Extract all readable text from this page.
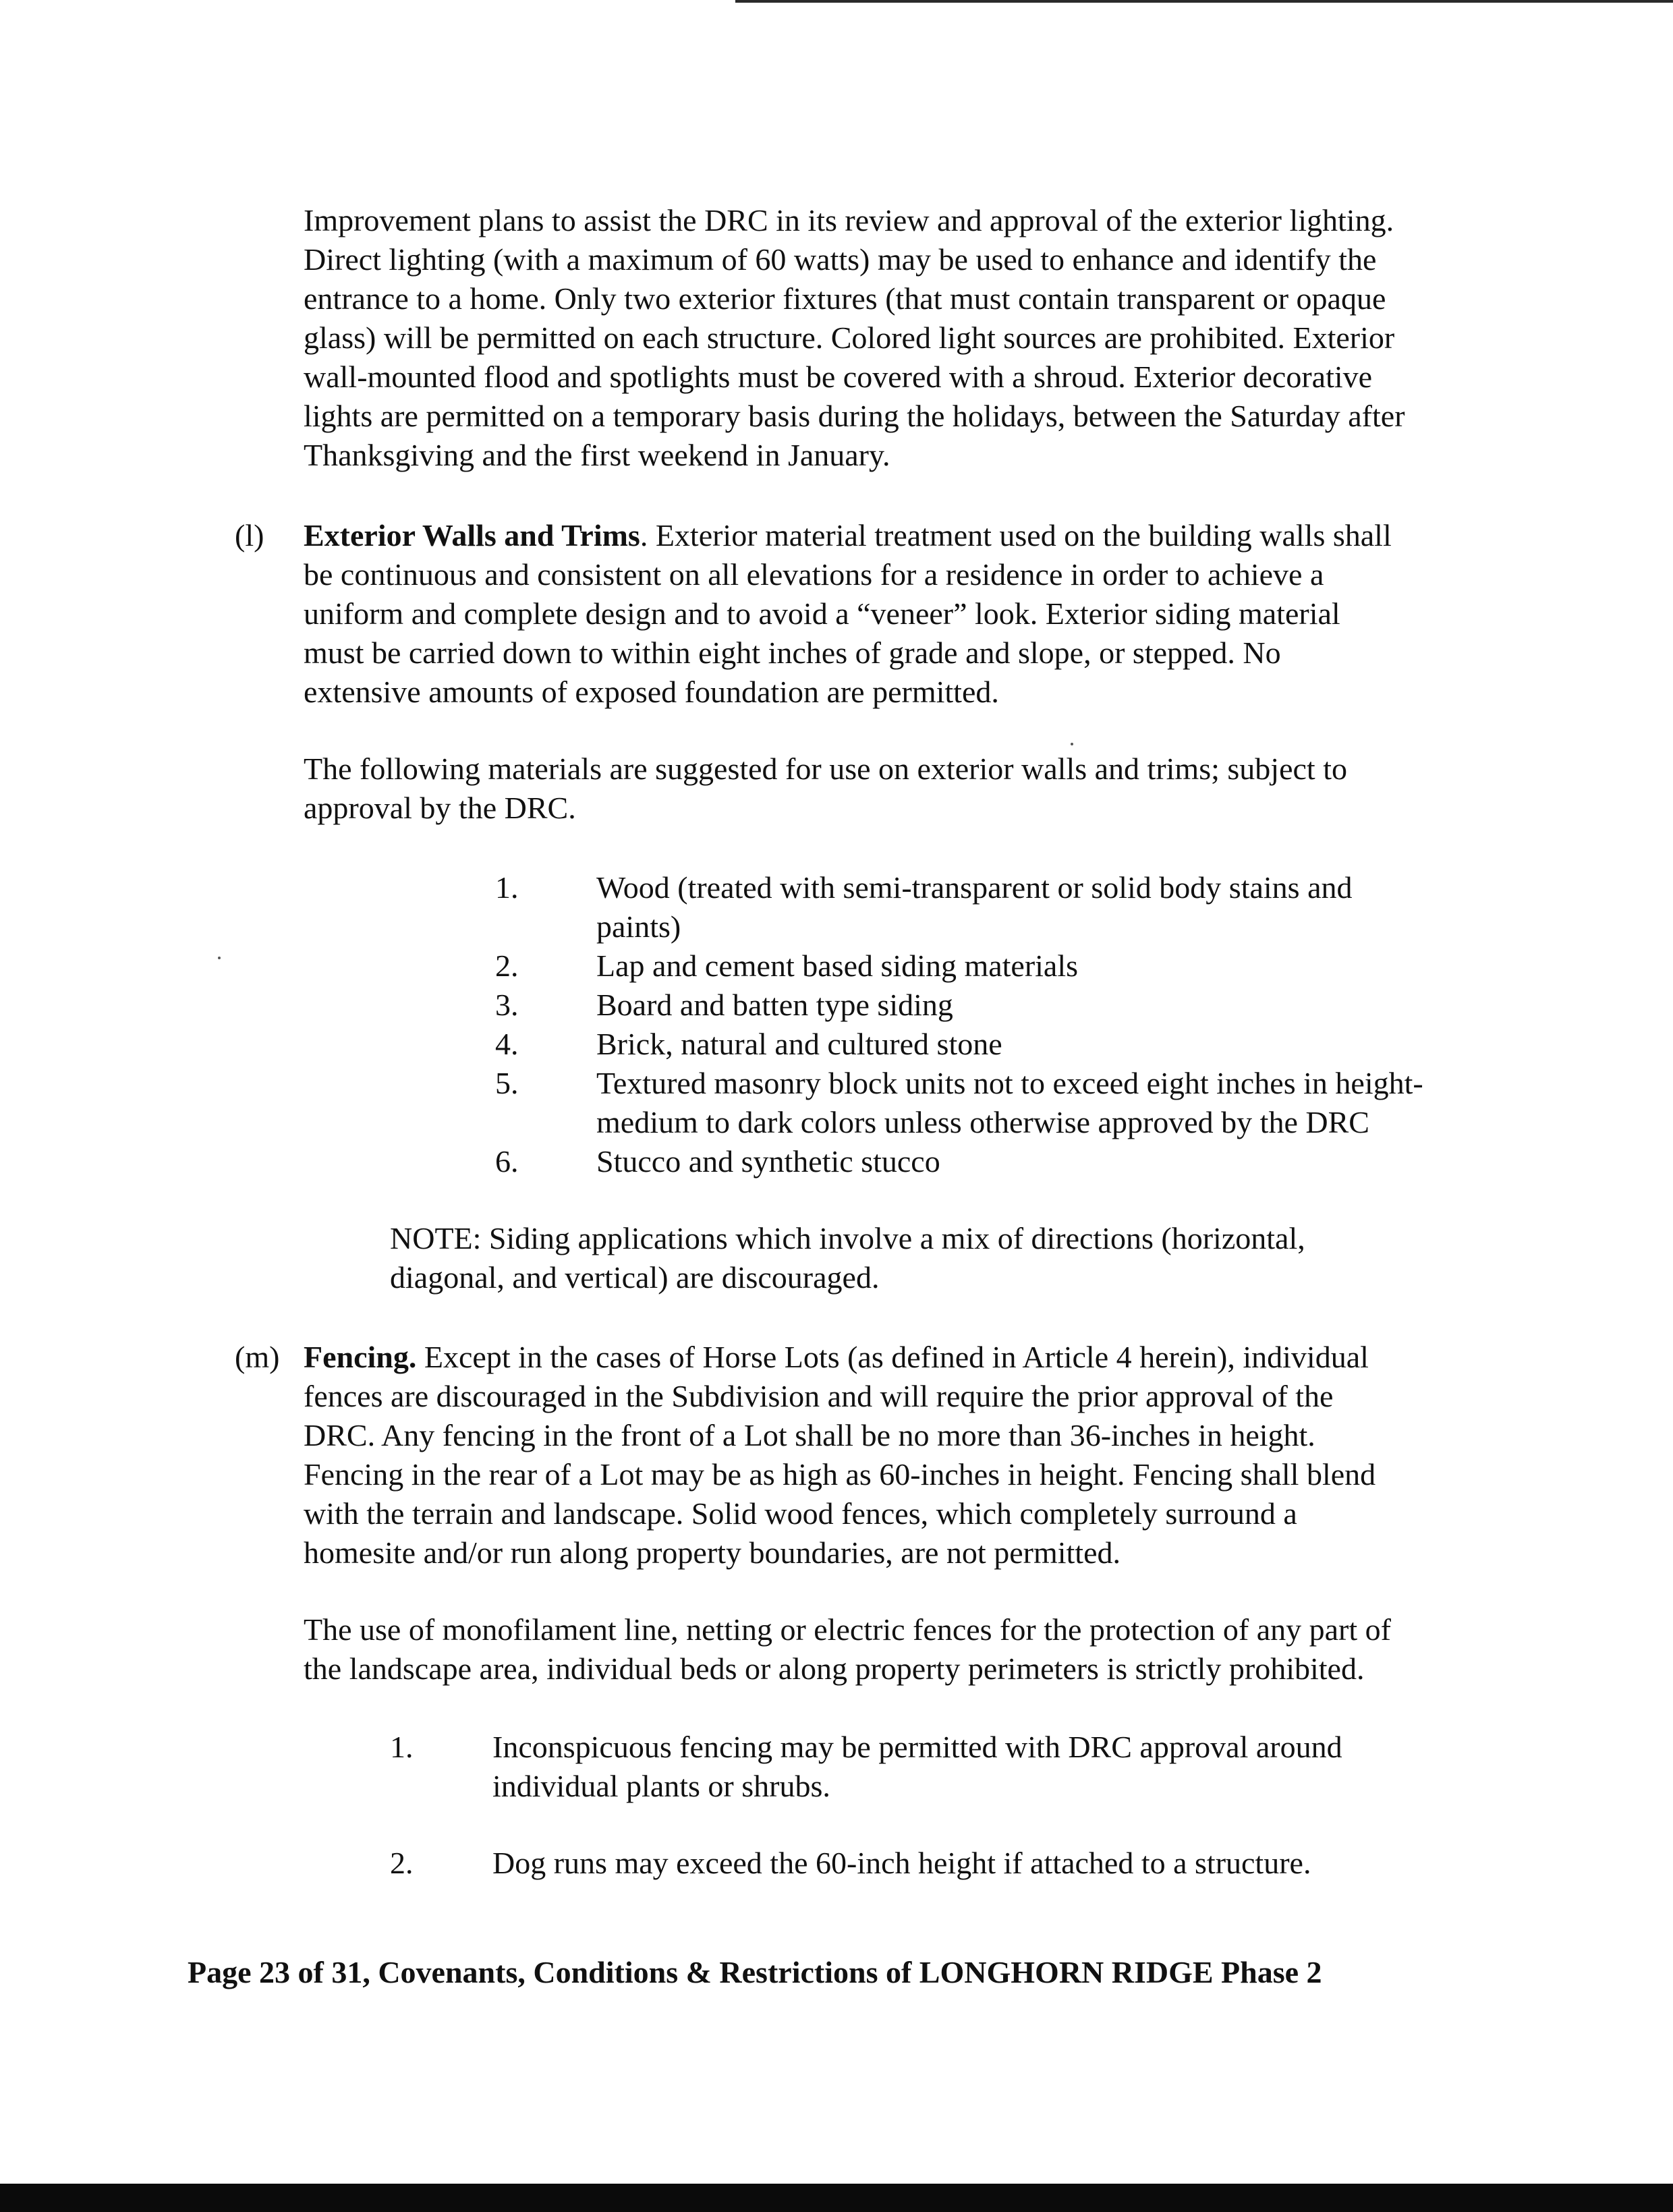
Improvement plans to assist the DRC in its review and approval of the exterior lighting.
Direct lighting (with a maximum of 60 watts) may be used to enhance and identify the
entrance to a home. Only two exterior fixtures (that must contain transparent or opaque
glass) will be permitted on each structure. Colored light sources are prohibited. Exterior
wall-mounted flood and spotlights must be covered with a shroud. Exterior decorative
lights are permitted on a temporary basis during the holidays, between the Saturday after
Thanksgiving and the first weekend in January.
(l) Exterior Walls and Trims. Exterior material treatment used on the building walls shall
be continuous and consistent on all elevations for a residence in order to achieve a
uniform and complete design and to avoid a “veneer” look. Exterior siding material
must be carried down to within eight inches of grade and slope, or stepped. No
extensive amounts of exposed foundation are permitted.
The following materials are suggested for use on exterior walls and trims; subject to
approval by the DRC.
1.	Wood (treated with semi-transparent or solid body stains and
paints)
2.	Lap and cement based siding materials
3.	Board and batten type siding
4.	Brick, natural and cultured stone
5.	Textured masonry block units not to exceed eight inches in height-
medium to dark colors unless otherwise approved by the DRC
6.	Stucco and synthetic stucco
NOTE: Siding applications which involve a mix of directions (horizontal,
diagonal, and vertical) are discouraged.
(m) Fencing. Except in the cases of Horse Lots (as defined in Article 4 herein), individual
fences are discouraged in the Subdivision and will require the prior approval of the
DRC. Any fencing in the front of a Lot shall be no more than 36-inches in height.
Fencing in the rear of a Lot may be as high as 60-inches in height. Fencing shall blend
with the terrain and landscape. Solid wood fences, which completely surround a
homesite and/or run along property boundaries, are not permitted.
The use of monofilament line, netting or electric fences for the protection of any part of
the landscape area, individual beds or along property perimeters is strictly prohibited.
1.	Inconspicuous fencing may be permitted with DRC approval around
individual plants or shrubs.
2.	Dog runs may exceed the 60-inch height if attached to a structure.
Page 23 of 31, Covenants, Conditions & Restrictions of LONGHORN RIDGE Phase 2
